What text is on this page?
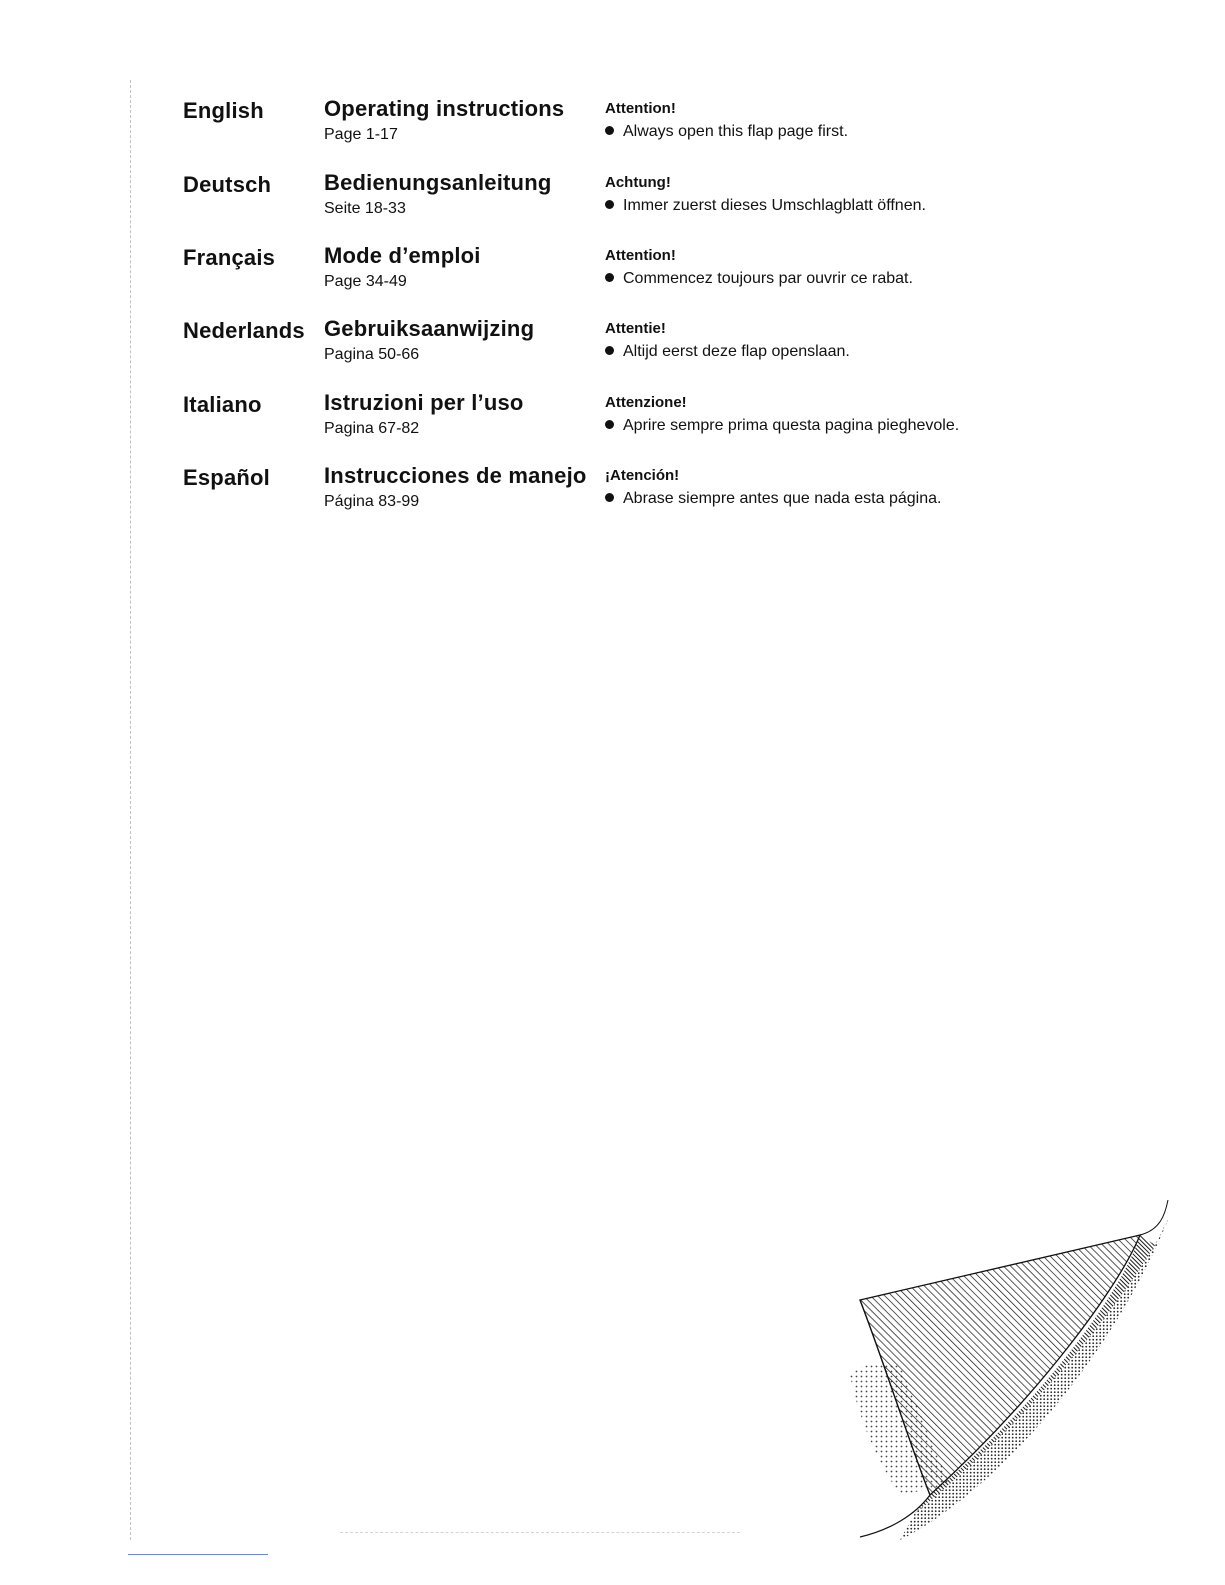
English	Operating instructions
Page 1-17
Attention!
Always open this flap page first.
Deutsch Bedienungsanleitung
Seite 18-33
Achtung!
Immer zuerst dieses Umschlagblatt öffnen.
Français Mode d’emploi
Page 34-49
Attention!
Commencez toujours par ouvrir ce rabat.
Nederlands Gebruiksaanwijzing
Pagina 50-66
Attentie!
Altijd eerst deze flap openslaan.
Italiano	Istruzioni per l’uso
Pagina 67-82
Attenzione!
Aprire sempre prima questa pagina pieghevole.
Español Instrucciones de manejo
Página 83-99
¡Atención!
Abrase siempre antes que nada esta página.
